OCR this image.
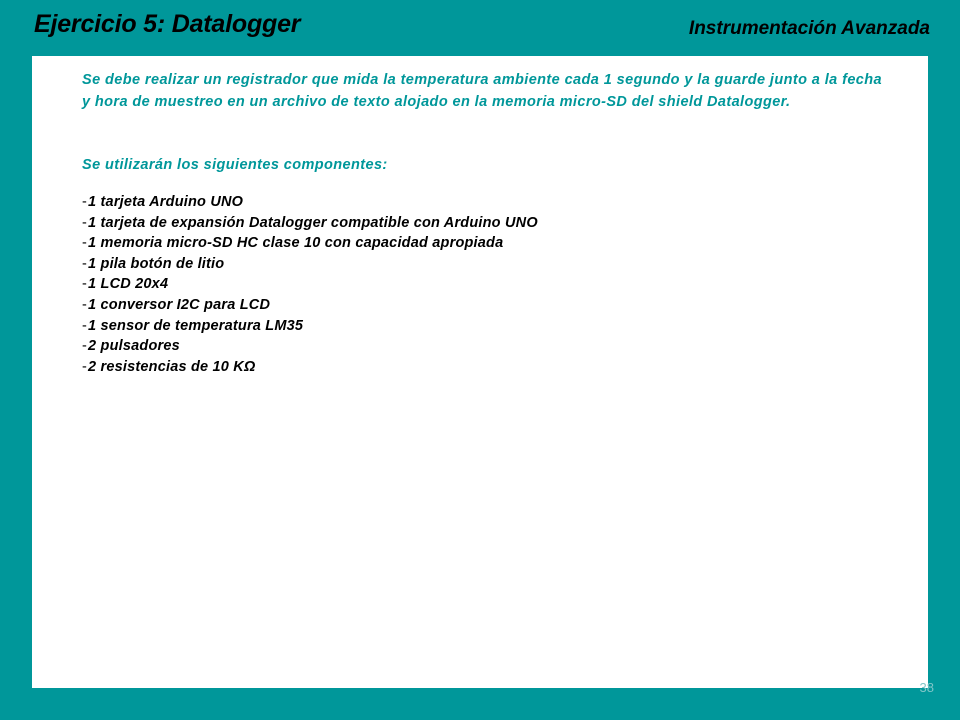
Ejercicio 5: Datalogger	Instrumentación Avanzada

Se debe realizar un registrador que mida la temperatura ambiente cada 1 segundo y la guarde junto a la fecha y hora de muestreo en un archivo de texto alojado en la memoria micro-SD del shield Datalogger.

Se utilizarán los siguientes componentes:

-1 tarjeta Arduino UNO
-1 tarjeta de expansión Datalogger compatible con Arduino UNO
-1 memoria micro-SD HC clase 10 con capacidad apropiada
-1 pila botón de litio
-1 LCD 20x4
-1 conversor I2C para LCD
-1 sensor de temperatura LM35
-2 pulsadores
-2 resistencias de 10 KΩ
38
